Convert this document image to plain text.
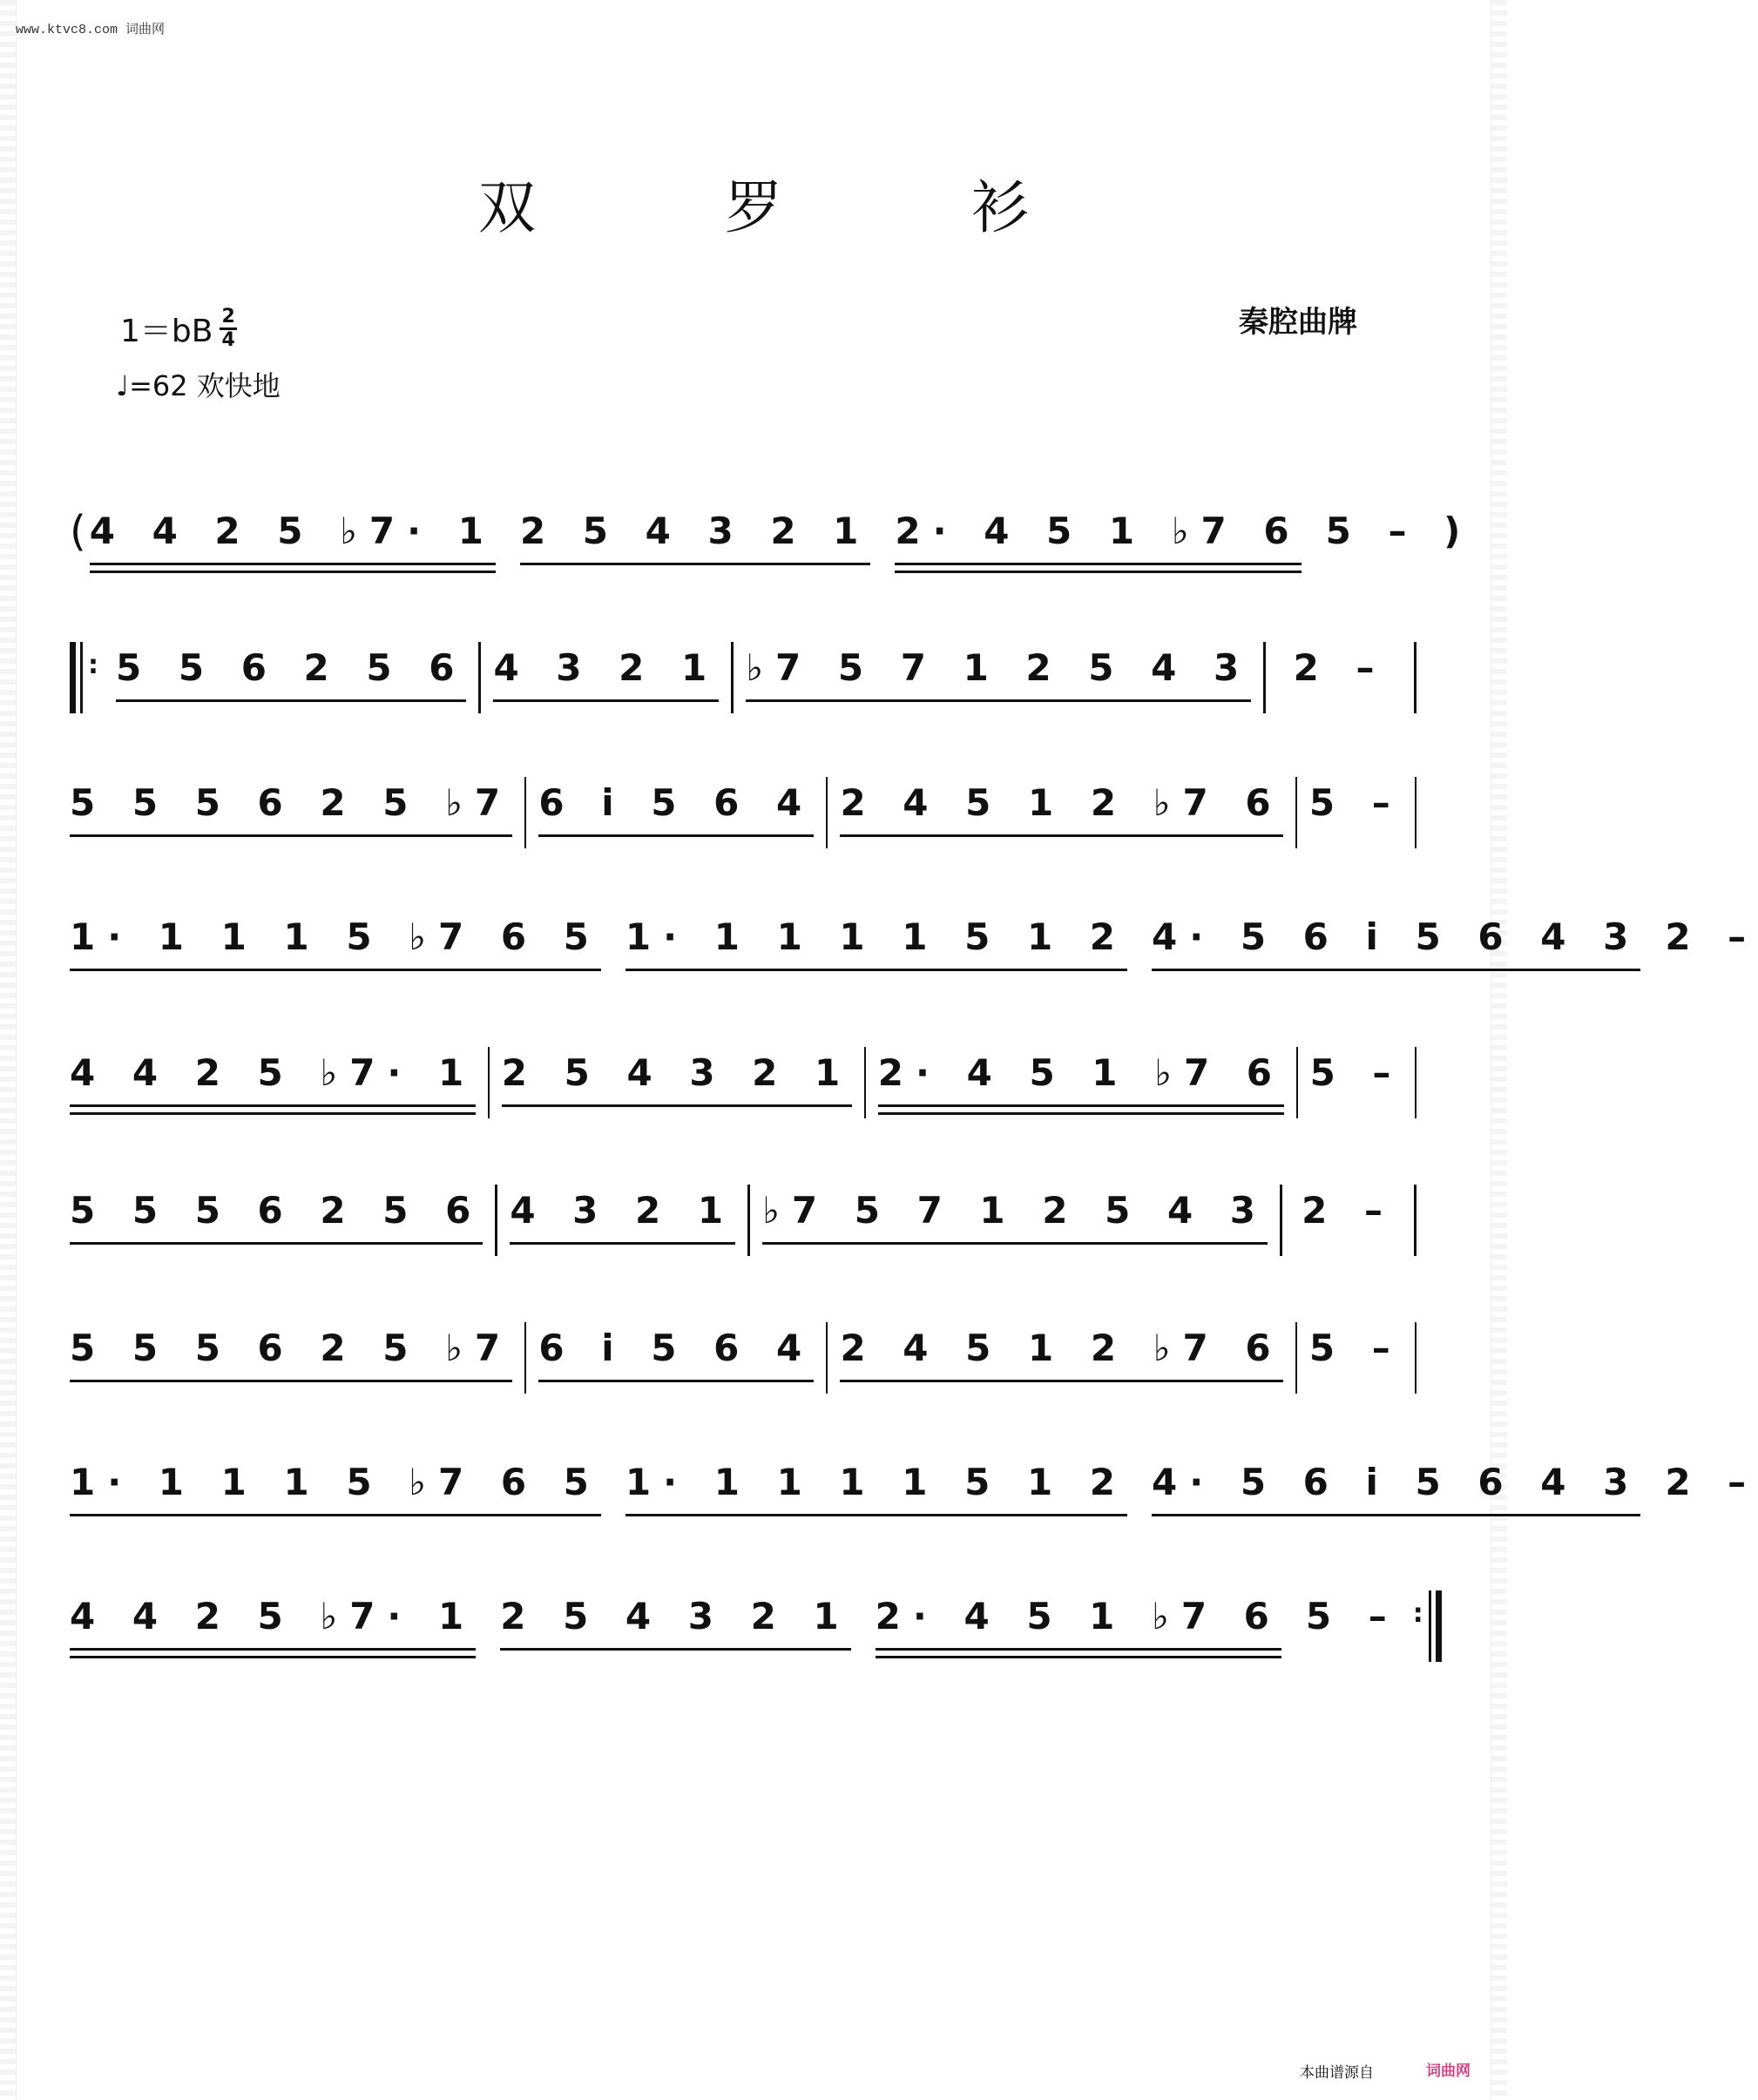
www.ktvc8.com 词曲网
双 罗 衫
$1=bB \frac{2}{4}$
♩=62 欢快地
秦腔曲牌
( 4 4 2 5 ♭7· 1 2 5 4 3 2 1 2· 4 5 1 ♭7 6 5 – )
: 5 5 6 2 5 6 4 3 2 1 ♭7 5 7 1 2 5 4 3 2 –
5 5 5 6 2 5 ♭7 6 i 5 6 4 2 4 5 1 2 ♭7 6 5 –
1· 1 1 1 5 ♭7 6 5 1· 1 1 1 1 5 1 2 4· 5 6 i 5 6 4 3 2 –
4 4 2 5 ♭7· 1 2 5 4 3 2 1 2· 4 5 1 ♭7 6 5 –
5 5 5 6 2 5 6 4 3 2 1 ♭7 5 7 1 2 5 4 3 2 –
5 5 5 6 2 5 ♭7 6 i 5 6 4 2 4 5 1 2 ♭7 6 5 –
1· 1 1 1 5 ♭7 6 5 1· 1 1 1 1 5 1 2 4· 5 6 i 5 6 4 3 2 –
4 4 2 5 ♭7· 1 2 5 4 3 2 1 2· 4 5 1 ♭7 6 5 – :
本曲谱源自	词曲网
